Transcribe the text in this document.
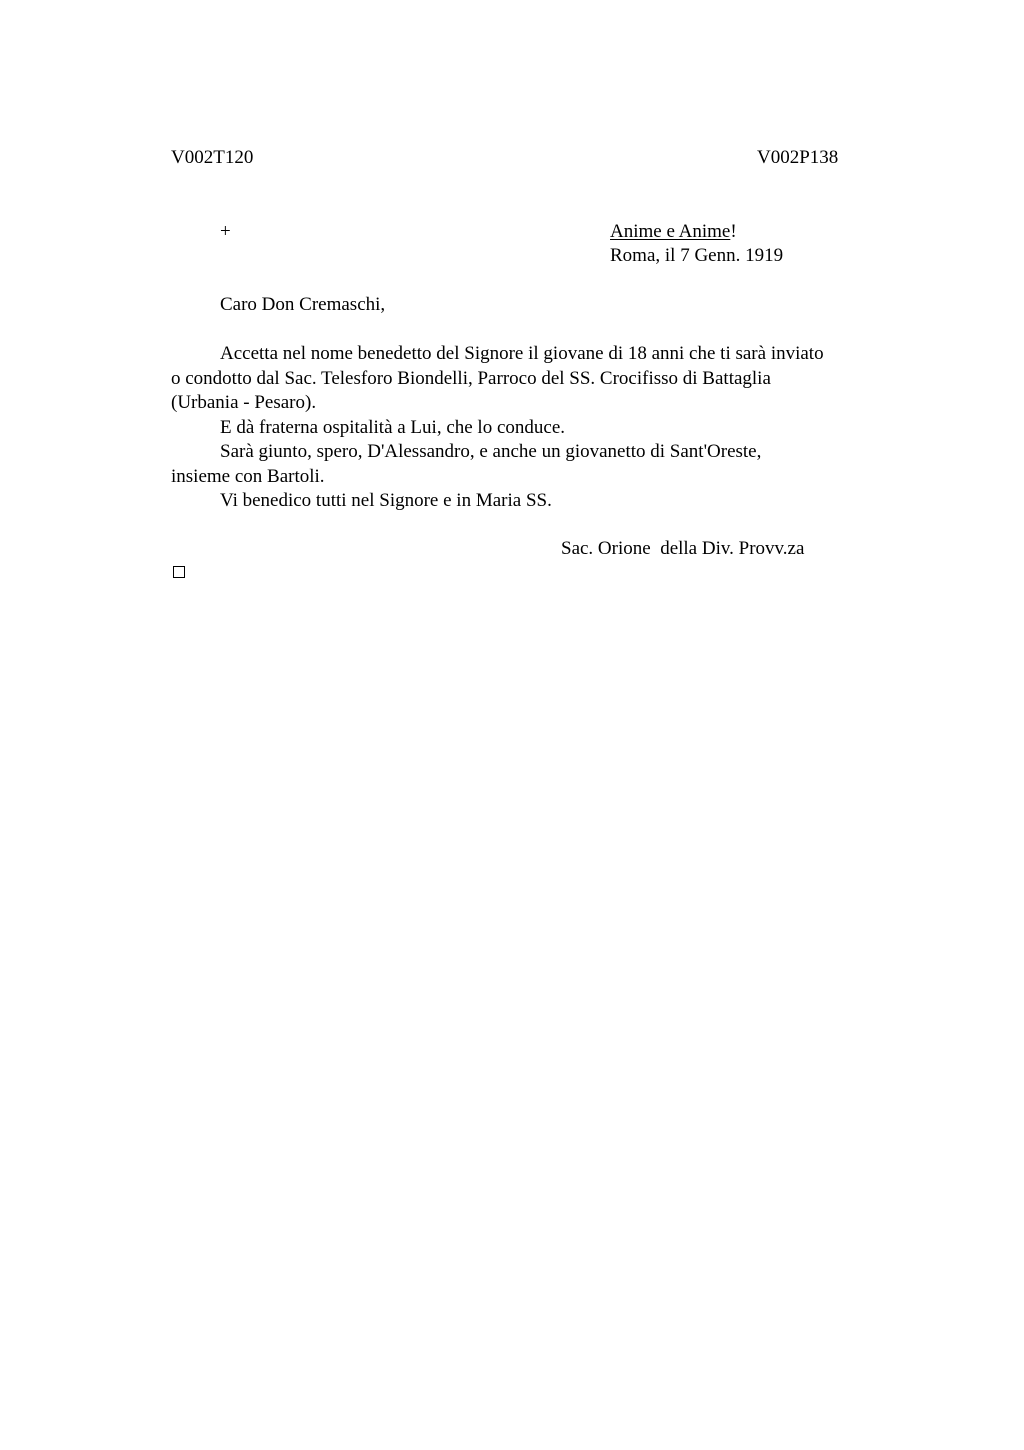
V002T120	V002P138
+	Anime e Anime!
Roma, il 7 Genn. 1919
Caro Don Cremaschi,

Accetta nel nome benedetto del Signore il giovane di 18 anni che ti sarà inviato

o condotto dal Sac. Telesforo Biondelli, Parroco del SS. Crocifisso di Battaglia

(Urbania - Pesaro).

E dà fraterna ospitalità a Lui, che lo conduce.

Sarà giunto, spero, D'Alessandro, e anche un giovanetto di Sant'Oreste,

insieme con Bartoli.

Vi benedico tutti nel Signore e in Maria SS.

Sac. Orione  della Div. Provv.za
